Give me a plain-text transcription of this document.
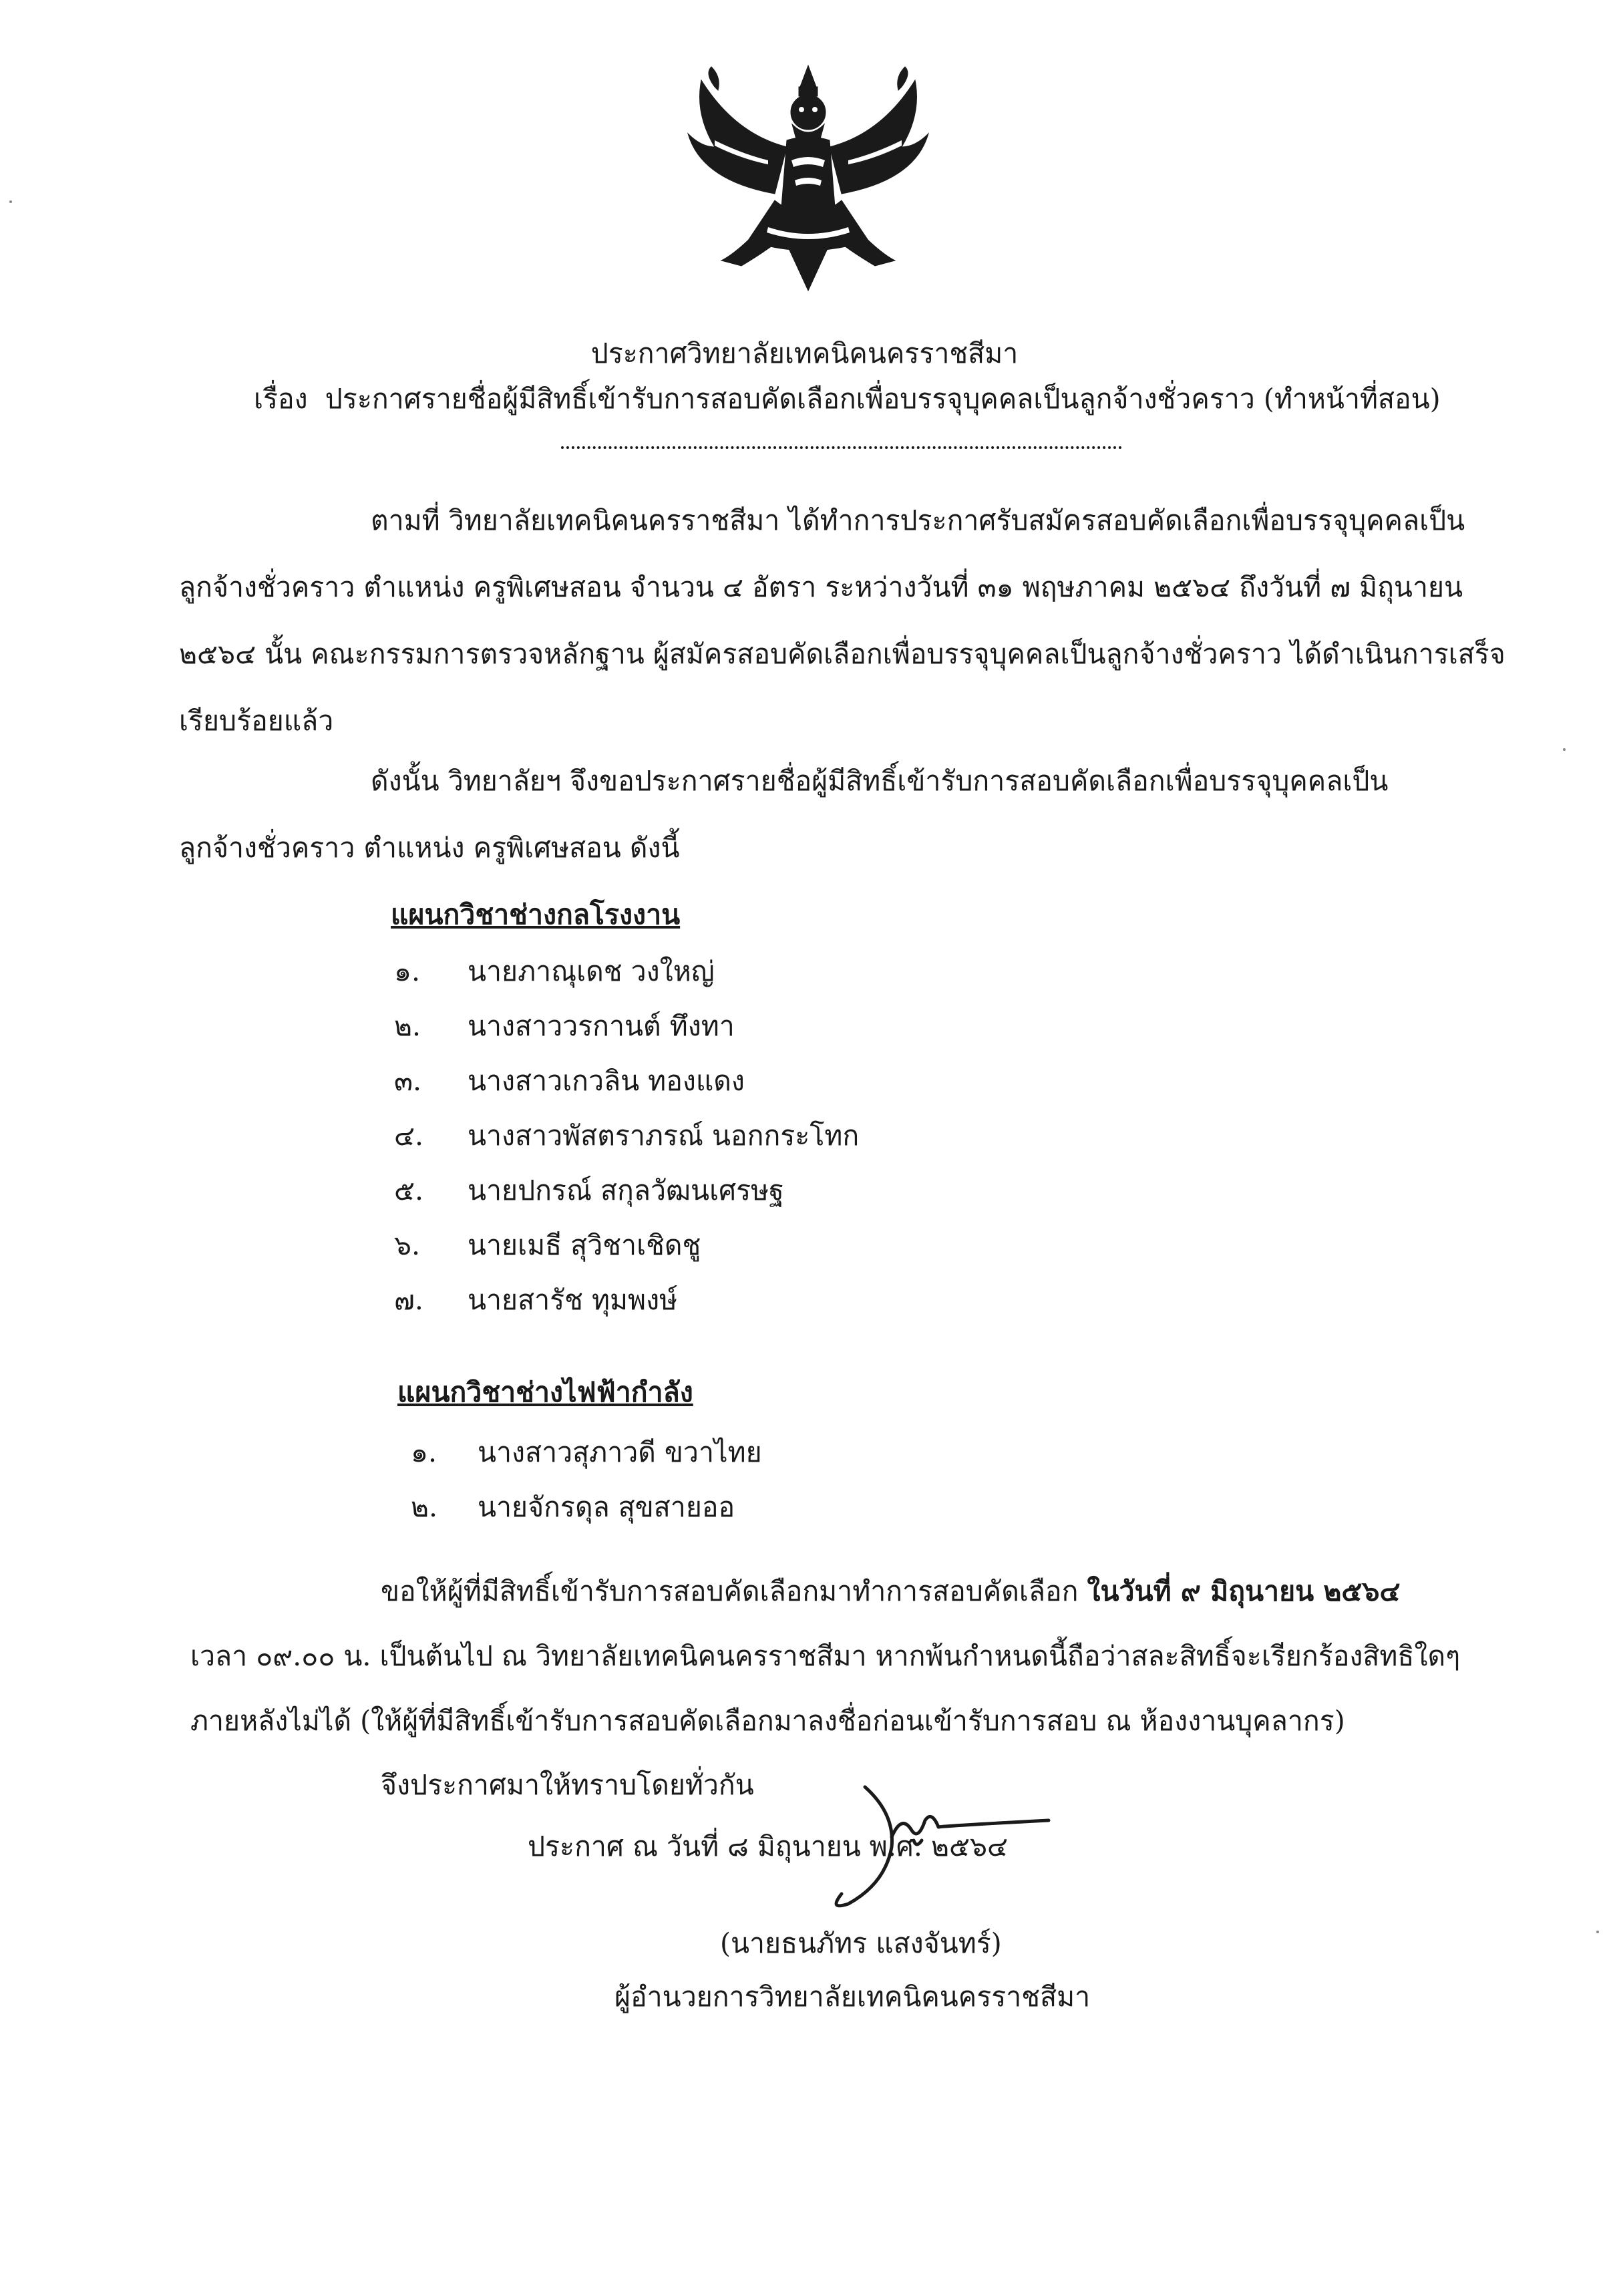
ประกาศวิทยาลัยเทคนิคนครราชสีมา
เรื่อง ประกาศรายชื่อผู้มีสิทธิ์เข้ารับการสอบคัดเลือกเพื่อบรรจุบุคคลเป็นลูกจ้างชั่วคราว (ทำหน้าที่สอน)
ตามที่ วิทยาลัยเทคนิคนครราชสีมา ได้ทำการประกาศรับสมัครสอบคัดเลือกเพื่อบรรจุบุคคลเป็น
ลูกจ้างชั่วคราว ตำแหน่ง ครูพิเศษสอน จำนวน ๔ อัตรา ระหว่างวันที่ ๓๑ พฤษภาคม ๒๕๖๔ ถึงวันที่ ๗ มิถุนายน
๒๕๖๔ นั้น คณะกรรมการตรวจหลักฐาน ผู้สมัครสอบคัดเลือกเพื่อบรรจุบุคคลเป็นลูกจ้างชั่วคราว ได้ดำเนินการเสร็จ
เรียบร้อยแล้ว
ดังนั้น วิทยาลัยฯ จึงขอประกาศรายชื่อผู้มีสิทธิ์เข้ารับการสอบคัดเลือกเพื่อบรรจุบุคคลเป็น
ลูกจ้างชั่วคราว ตำแหน่ง ครูพิเศษสอน ดังนี้
แผนกวิชาช่างกลโรงงาน
๑. นายภาณุเดช วงใหญ่
๒. นางสาววรกานต์ ทึงทา
๓. นางสาวเกวลิน ทองแดง
๔. นางสาวพัสตราภรณ์ นอกกระโทก
๕. นายปกรณ์ สกุลวัฒนเศรษฐ
๖. นายเมธี สุวิชาเชิดชู
๗. นายสารัช ทุมพงษ์
แผนกวิชาช่างไฟฟ้ากำลัง
๑. นางสาวสุภาวดี ขวาไทย
๒. นายจักรดุล สุขสายออ
ขอให้ผู้ที่มีสิทธิ์เข้ารับการสอบคัดเลือกมาทำการสอบคัดเลือก ในวันที่ ๙ มิถุนายน ๒๕๖๔
เวลา ๐๙.๐๐ น. เป็นต้นไป ณ วิทยาลัยเทคนิคนครราชสีมา หากพ้นกำหนดนี้ถือว่าสละสิทธิ์จะเรียกร้องสิทธิใดๆ
ภายหลังไม่ได้ (ให้ผู้ที่มีสิทธิ์เข้ารับการสอบคัดเลือกมาลงชื่อก่อนเข้ารับการสอบ ณ ห้องงานบุคลากร)
จึงประกาศมาให้ทราบโดยทั่วกัน
ประกาศ ณ วันที่ ๘ มิถุนายน พ.ศ. ๒๕๖๔
(นายธนภัทร แสงจันทร์)
ผู้อำนวยการวิทยาลัยเทคนิคนครราชสีมา
